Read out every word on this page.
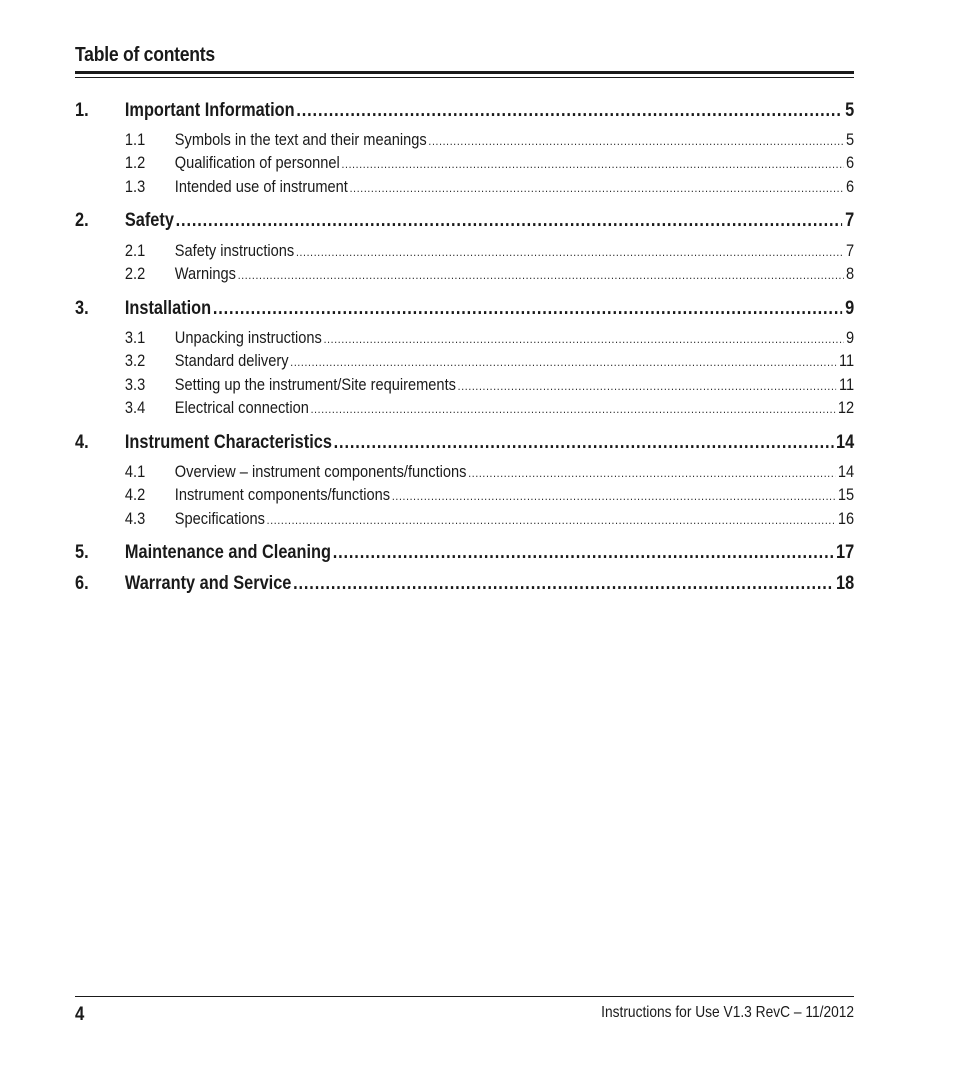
Table of contents
1.	Important Information .....	5
1.1	Symbols in the text and their meanings .....	5
1.2	Qualification of personnel .....	6
1.3	Intended use of instrument .....	6
2.	Safety .....	7
2.1	Safety instructions .....	7
2.2	Warnings .....	8
3.	Installation .....	9
3.1	Unpacking instructions .....	9
3.2	Standard delivery .....	11
3.3	Setting up the instrument/Site requirements .....	11
3.4	Electrical connection .....	12
4.	Instrument Characteristics .....	14
4.1	Overview – instrument components/functions .....	14
4.2	Instrument components/functions .....	15
4.3	Specifications .....	16
5.	Maintenance and Cleaning .....	17
6.	Warranty and Service .....	18
4	Instructions for Use V1.3 RevC – 11/2012
